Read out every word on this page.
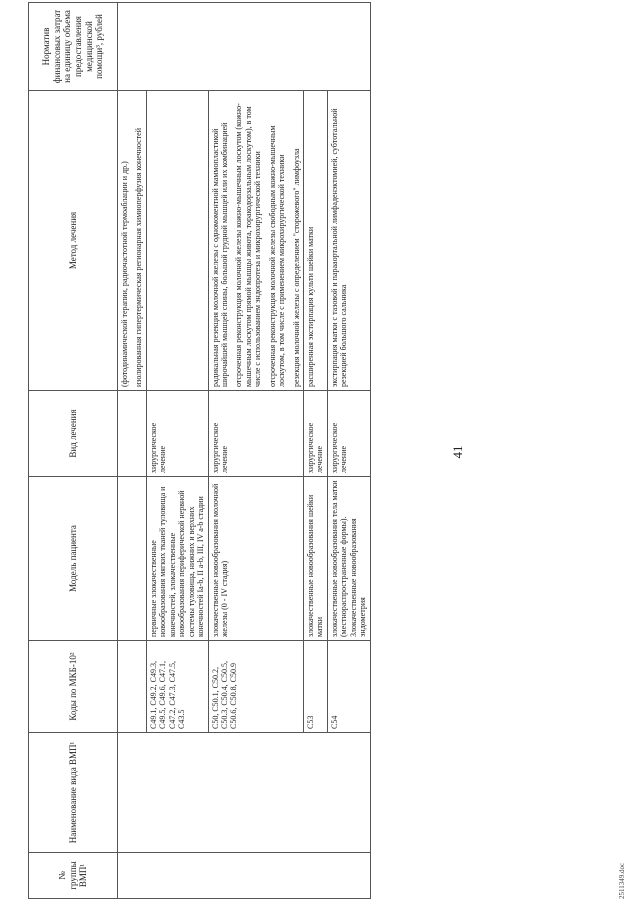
41
№ группы ВМП¹	Наименование вида ВМП¹	Коды по МКБ-10²	Модель пациента	Вид лечения	Метод лечения	Норматив финансовых затрат на единицу объема предоставления медицинской помощи³, рублей

					(фотодинамической терапии, радиочастотной термоаблации и др.) изолированная гипертермическая регионарная химиоперфузия конечностей	

		C49.1, C49.2, C49.3, C49.5, C49.6, C47.1, C47.2, C47.3, C47.5, C43.5	первичные злокачественные новообразования мягких тканей туловища и конечностей, злокачественные новообразования периферической нервной системы туловища, нижних и верхних конечностей Ia-b, II a-b, III, IV a-b стадии	хирургическое лечение		
		C50, C50.1, C50.2, C50.3, C50.4, C50.5, C50.6, C50.8, C50.9	злокачественные новообразования молочной железы (0 - IV стадия)	хирургическое лечение	радикальная резекция молочной железы с одномоментной маммопластикой широчайшей мышцей спины, большой грудной мышцей или их комбинацией отсроченная реконструкция молочной железы кожно-мышечным лоскутом (кожно-мышечным лоскутом прямой мышцы живота, торакодорзальным лоскутом), в том числе с использованием эндопротеза и микрохирургической техники отсроченная реконструкция молочной железы свободным кожно-мышечным лоскутом, в том числе с применением микрохирургической техники резекция молочной железы с определением "сторожевого" лимфоузла	

		C53	злокачественные новообразования шейки матки	хирургическое лечение	расширенная экстирпация культи шейки матки	

		C54	злокачественные новообразования тела матки (местнораспространенные формы). Злокачественные новообразования эндометрия	хирургическое лечение	экстирпация матки с тазовой и парааортальной лимфаденэктомией, субтотальной резекцией большого сальника	
2511349.doc
